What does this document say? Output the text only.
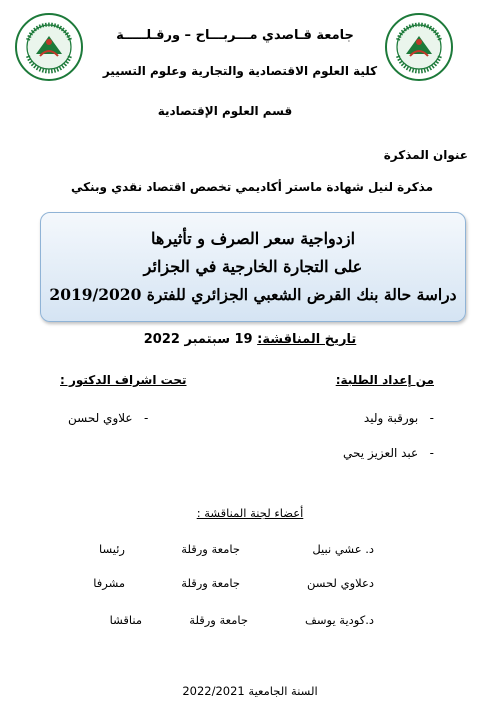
جامعة قـاصدي مـــربـــاح – ورقـلـــــة
كلية العلوم الاقتصادية والتجارية وعلوم التسيير
قسم العلوم الإقتصادية
عنوان المذكرة
مذكرة لنيل شهادة ماستر أكاديمي تخصص اقتصاد نقدي وبنكي
ازدواجية سعر الصرف و تأثيرها
على التجارة الخارجية في الجزائر
دراسة حالة بنك القرض الشعبي الجزائري للفترة 2019/2020
تاريخ المناقشة: 19 سبتمبر 2022
من إعداد الطلبة:
-   بورقبة وليد
-   عبد العزيز يحي
تحت اشراف الدكتور :
-   علاوي لحسن
أعضاء لجنة المناقشة :
د. عشي نبيل
جامعة ورقلة
رئيسا
دعلاوي لحسن
جامعة ورقلة
مشرفا
د.كودية يوسف
جامعة ورقلة
مناقشا
السنة الجامعية 2022/2021
